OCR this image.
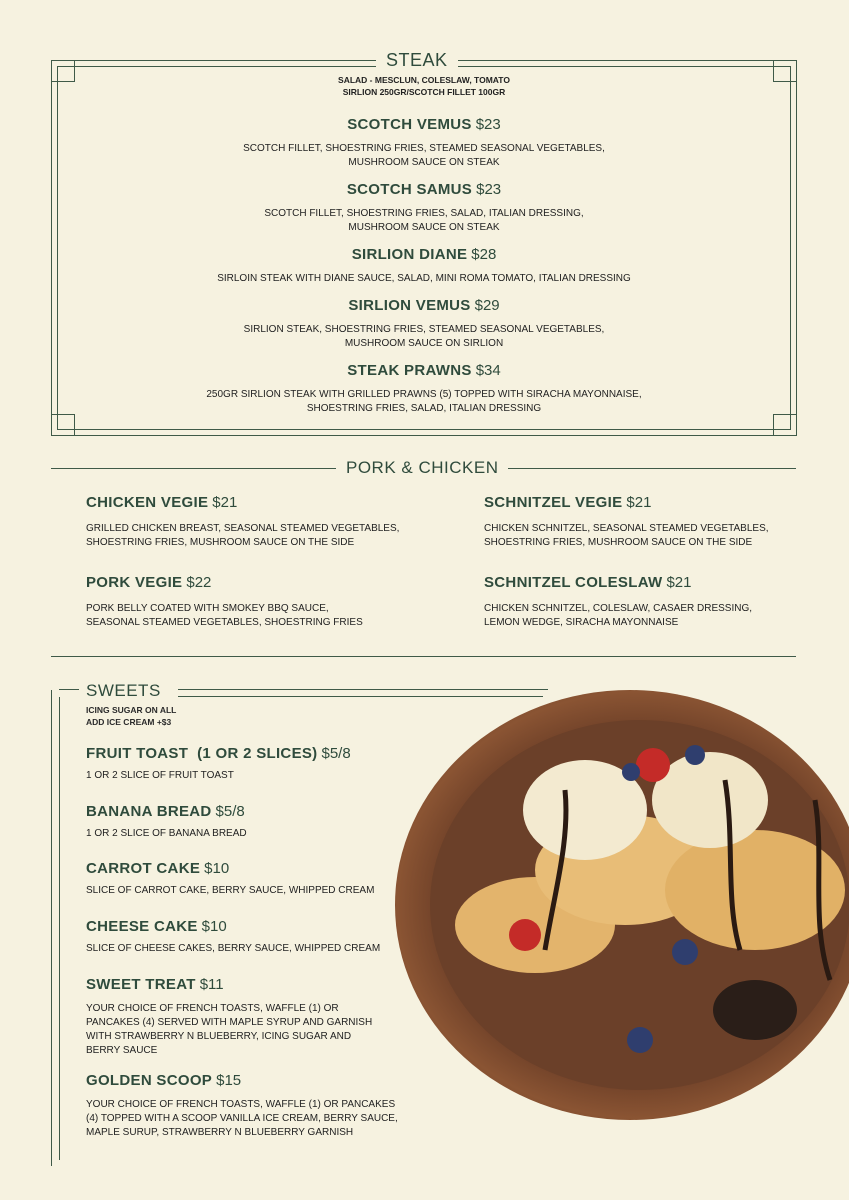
STEAK
SALAD - MESCLUN, COLESLAW, TOMATO
SIRLION 250GR/SCOTCH FILLET 100GR
SCOTCH VEMUS $23
SCOTCH FILLET, SHOESTRING FRIES, STEAMED SEASONAL VEGETABLES,
MUSHROOM SAUCE ON STEAK
SCOTCH SAMUS $23
SCOTCH FILLET, SHOESTRING FRIES, SALAD, ITALIAN DRESSING,
MUSHROOM SAUCE ON STEAK
SIRLION DIANE $28
SIRLOIN STEAK WITH DIANE SAUCE, SALAD, MINI ROMA TOMATO, ITALIAN DRESSING
SIRLION VEMUS $29
SIRLION STEAK, SHOESTRING FRIES, STEAMED SEASONAL VEGETABLES,
MUSHROOM SAUCE ON SIRLION
STEAK PRAWNS $34
250GR SIRLION STEAK WITH GRILLED PRAWNS (5) TOPPED WITH SIRACHA MAYONNAISE,
SHOESTRING FRIES, SALAD, ITALIAN DRESSING
PORK & CHICKEN
CHICKEN VEGIE $21
GRILLED CHICKEN BREAST, SEASONAL STEAMED VEGETABLES,
SHOESTRING FRIES, MUSHROOM SAUCE ON THE SIDE
SCHNITZEL VEGIE $21
CHICKEN SCHNITZEL, SEASONAL STEAMED VEGETABLES,
SHOESTRING FRIES, MUSHROOM SAUCE ON THE SIDE
PORK VEGIE $22
PORK BELLY COATED WITH SMOKEY BBQ SAUCE,
SEASONAL STEAMED VEGETABLES, SHOESTRING FRIES
SCHNITZEL COLESLAW $21
CHICKEN SCHNITZEL, COLESLAW, CASAER DRESSING,
LEMON WEDGE, SIRACHA MAYONNAISE
SWEETS
ICING SUGAR ON ALL
ADD ICE CREAM +$3
FRUIT TOAST  (1 OR 2 SLICES) $5/8
1 OR 2 SLICE OF FRUIT TOAST
BANANA BREAD $5/8
1 OR 2 SLICE OF BANANA BREAD
CARROT CAKE $10
SLICE OF CARROT CAKE, BERRY SAUCE, WHIPPED CREAM
CHEESE CAKE $10
SLICE OF CHEESE CAKES, BERRY SAUCE, WHIPPED CREAM
SWEET TREAT $11
YOUR CHOICE OF FRENCH TOASTS, WAFFLE (1) OR
PANCAKES (4) SERVED WITH MAPLE SYRUP AND GARNISH
WITH STRAWBERRY N BLUEBERRY, ICING SUGAR AND
BERRY SAUCE
GOLDEN SCOOP $15
YOUR CHOICE OF FRENCH TOASTS, WAFFLE (1) OR PANCAKES
(4) TOPPED WITH A SCOOP VANILLA ICE CREAM, BERRY SAUCE,
MAPLE SURUP, STRAWBERRY N BLUEBERRY GARNISH
